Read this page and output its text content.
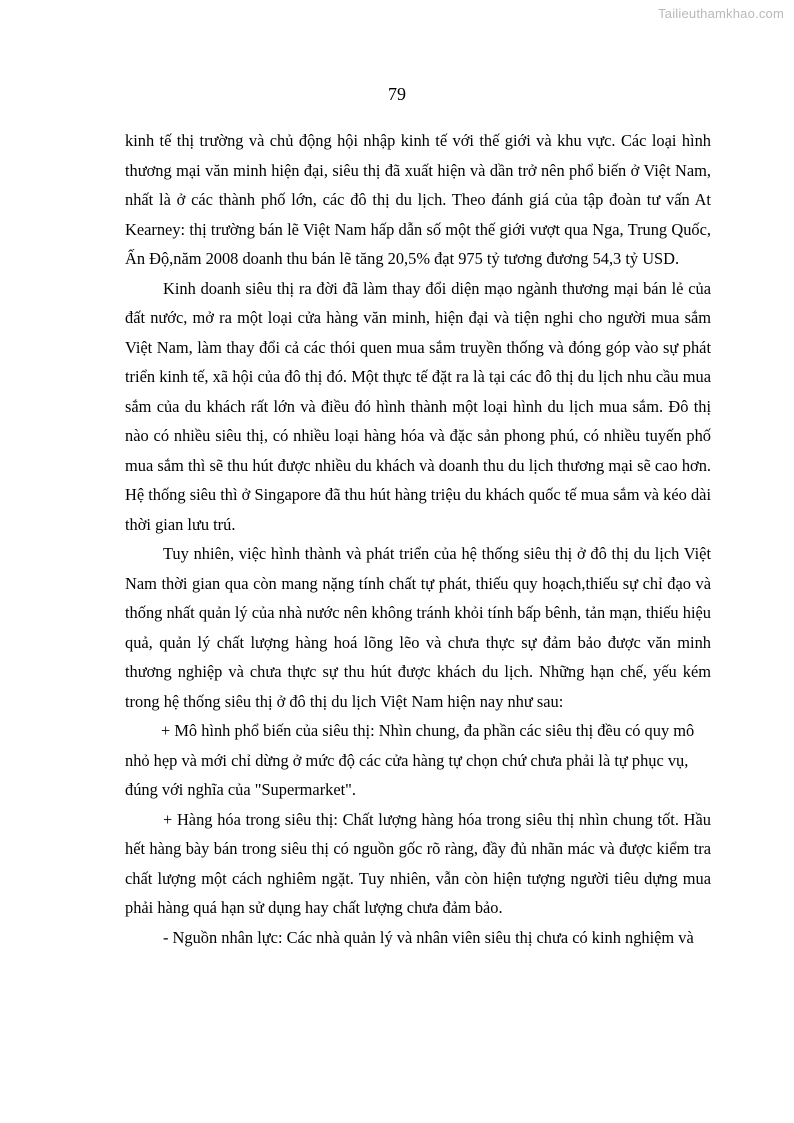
Tailieuthamkhao.com
79

kinh tế thị trường và chủ động hội nhập kinh tế với thế giới và khu vực. Các loại hình thương mại văn minh hiện đại, siêu thị đã xuất hiện và dần trở nên phổ biến ở Việt Nam, nhất là ở các thành phố lớn, các đô thị du lịch. Theo đánh giá của tập đoàn tư vấn At Kearney: thị trường bán lẽ Việt Nam hấp dẫn số một thế giới vượt qua Nga, Trung Quốc, Ấn Độ,năm 2008 doanh thu bán lẽ tăng 20,5% đạt 975 tỷ tương đương 54,3 tỷ USD.

Kinh doanh siêu thị ra đời đã làm thay đổi diện mạo ngành thương mại bán lẻ của đất nước, mở ra một loại cửa hàng văn minh, hiện đại và tiện nghi cho người mua sắm Việt Nam, làm thay đổi cả các thói quen mua sắm truyền thống và đóng góp vào sự phát triển kinh tế, xã hội của đô thị đó. Một thực tế đặt ra là tại các đô thị du lịch nhu cầu mua sắm của du khách rất lớn và điều đó hình thành một loại hình du lịch mua sắm. Đô thị nào có nhiều siêu thị, có nhiều loại hàng hóa và đặc sản phong phú, có nhiều tuyến phố mua sắm thì sẽ thu hút được nhiều du khách và doanh thu du lịch thương mại sẽ cao hơn. Hệ thống siêu thì ở Singapore đã thu hút hàng triệu du khách quốc tế mua sắm và kéo dài thời gian lưu trú.

Tuy nhiên, việc hình thành và phát triển của hệ thống siêu thị ở đô thị du lịch Việt Nam thời gian qua còn mang nặng tính chất tự phát, thiếu quy hoạch,thiếu sự chỉ đạo và thống nhất quản lý của nhà nước nên không tránh khỏi tính bấp bênh, tản mạn, thiếu hiệu quả, quản lý chất lượng hàng hoá lõng lẽo và chưa thực sự đảm bảo được văn minh thương nghiệp và chưa thực sự thu hút được khách du lịch. Những hạn chế, yếu kém trong hệ thống siêu thị ở đô thị du lịch Việt Nam hiện nay như sau:

+ Mô hình phổ biến của siêu thị: Nhìn chung, đa phần các siêu thị đều có quy mô nhỏ hẹp và mới chỉ dừng ở mức độ các cửa hàng tự chọn chứ chưa phải là tự phục vụ, đúng với nghĩa của "Supermarket".

+ Hàng hóa trong siêu thị: Chất lượng hàng hóa trong siêu thị nhìn chung tốt. Hầu hết hàng bày bán trong siêu thị có nguồn gốc rõ ràng, đầy đủ nhãn mác và được kiểm tra chất lượng một cách nghiêm ngặt. Tuy nhiên, vẫn còn hiện tượng người tiêu dựng mua phải hàng quá hạn sử dụng hay chất lượng chưa đảm bảo.

- Nguồn nhân lực: Các nhà quản lý và nhân viên siêu thị chưa có kinh nghiệm và
